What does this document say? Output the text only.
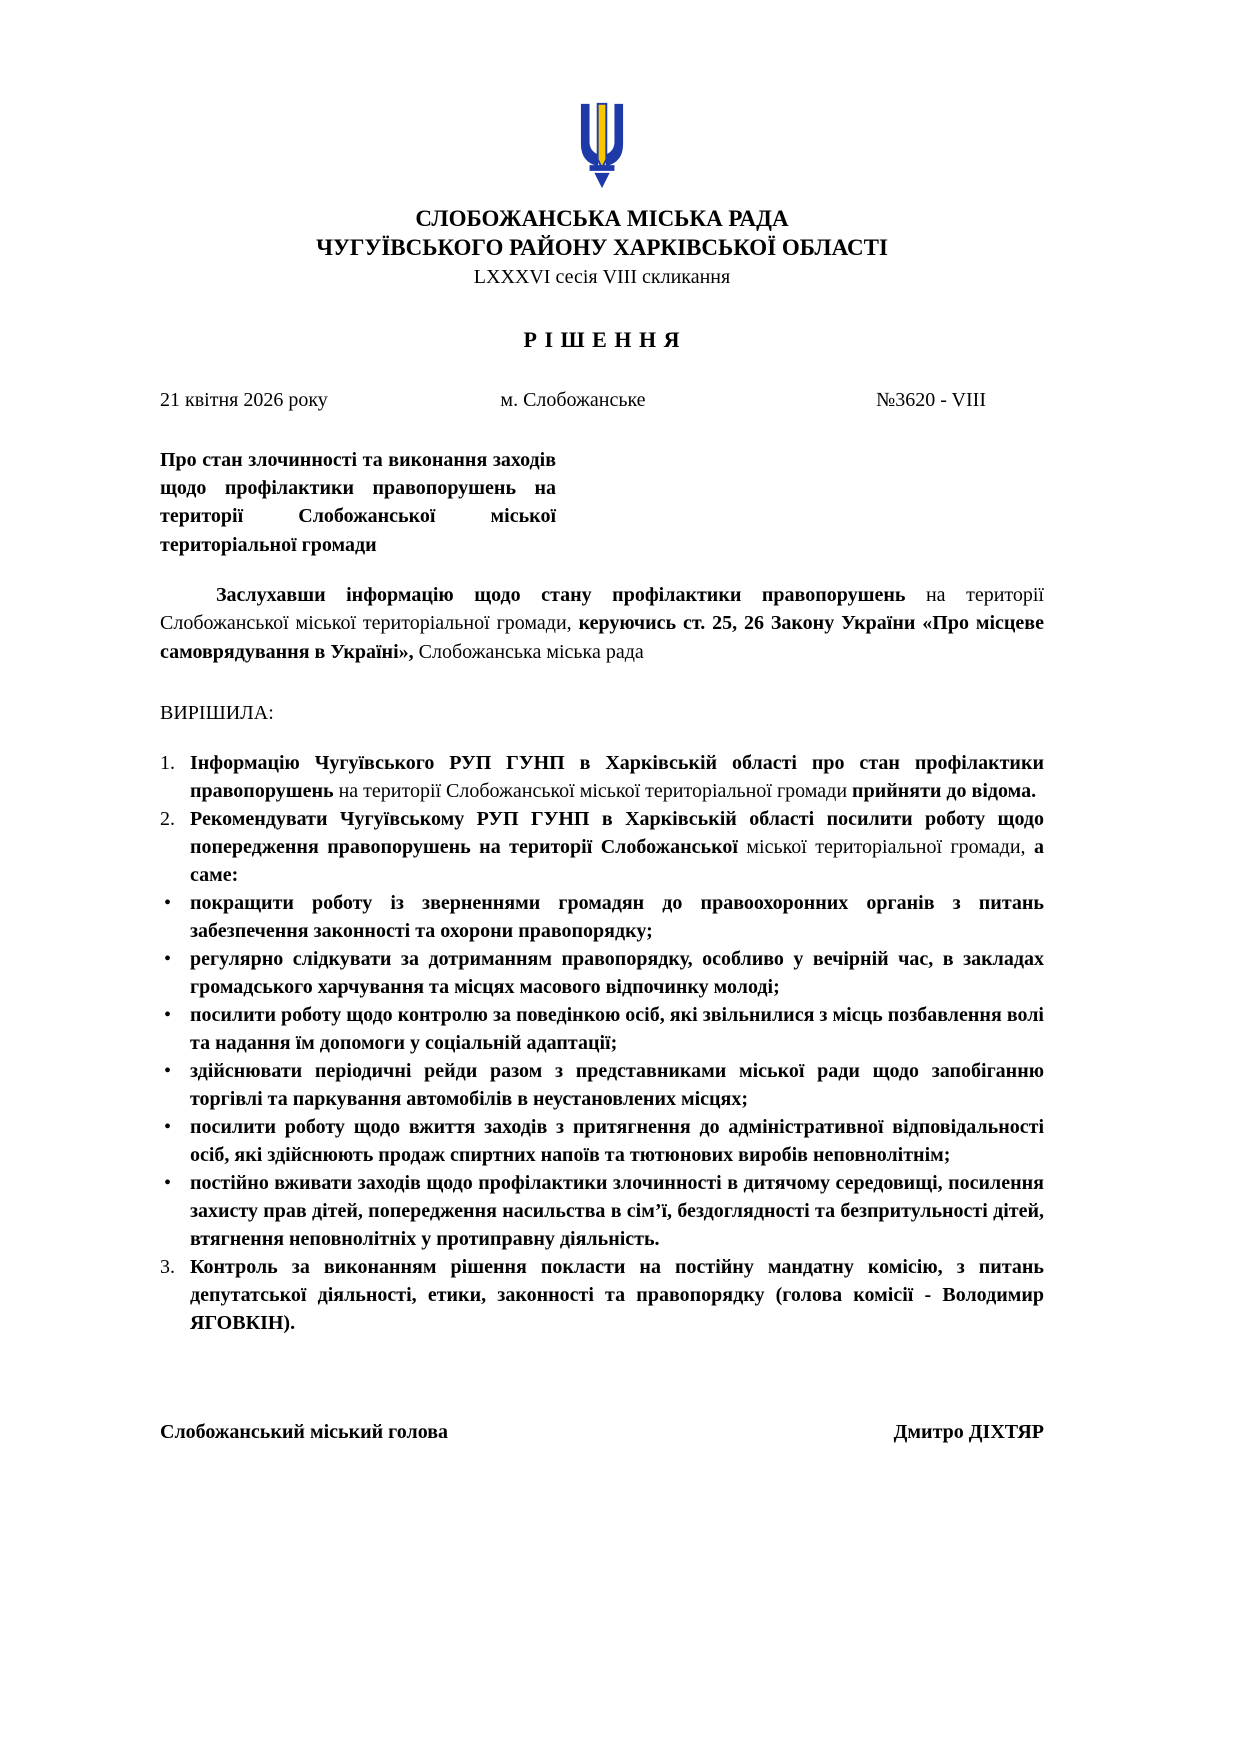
СЛОБОЖАНСЬКА МІСЬКА РАДА
ЧУГУЇВСЬКОГО РАЙОНУ ХАРКІВСЬКОЇ ОБЛАСТІ
LXXXVI сесія VIII скликання
Р І Ш Е Н Н Я
21 квітня 2026 року	м. Слобожанське	№3620 - VIII
Про стан злочинності та виконання заходів щодо профілактики правопорушень на території Слобожанської міської територіальної громади
Заслухавши інформацію щодо стану профілактики правопорушень на території Слобожанської міської територіальної громади, керуючись ст. 25, 26 Закону України «Про місцеве самоврядування в Україні», Слобожанська міська рада
ВИРІШИЛА:
1. Інформацію Чугуївського РУП ГУНП в Харківській області про стан профілактики правопорушень на території Слобожанської міської територіальної громади прийняти до відома.
2. Рекомендувати Чугуївському РУП ГУНП в Харківській області посилити роботу щодо попередження правопорушень на території Слобожанської міської територіальної громади, а саме:
• покращити роботу із зверненнями громадян до правоохоронних органів з питань забезпечення законності та охорони правопорядку;
• регулярно слідкувати за дотриманням правопорядку, особливо у вечірній час, в закладах громадського харчування та місцях масового відпочинку молоді;
• посилити роботу щодо контролю за поведінкою осіб, які звільнилися з місць позбавлення волі та надання їм допомоги у соціальній адаптації;
• здійснювати періодичні рейди разом з представниками міської ради щодо запобіганню торгівлі та паркування автомобілів в неустановлених місцях;
• посилити роботу щодо вжиття заходів з притягнення до адміністративної відповідальності осіб, які здійснюють продаж спиртних напоїв та тютюнових виробів неповнолітнім;
• постійно вживати заходів щодо профілактики злочинності в дитячому середовищі, посилення захисту прав дітей, попередження насильства в сім’ї, бездоглядності та безпритульності дітей, втягнення неповнолітніх у протиправну діяльність.
3. Контроль за виконанням рішення покласти на постійну мандатну комісію, з питань депутатської діяльності, етики, законності та правопорядку (голова комісії - Володимир ЯГОВКІН).
Слобожанський міський голова	Дмитро ДІХТЯР
